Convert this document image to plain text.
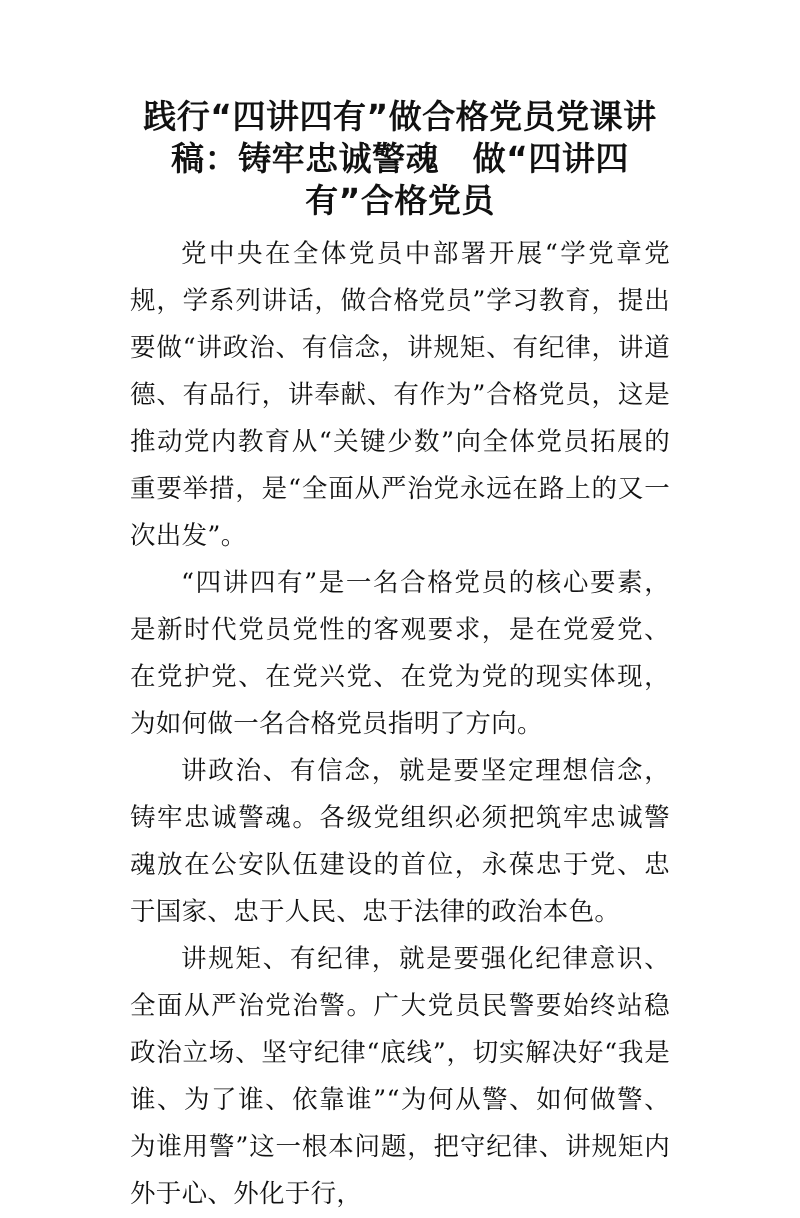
践行“四讲四有”做合格党员党课讲稿：铸牢忠诚警魂　做“四讲四有”合格党员

党中央在全体党员中部署开展“学党章党规，学系列讲话，做合格党员”学习教育，提出要做“讲政治、有信念，讲规矩、有纪律，讲道德、有品行，讲奉献、有作为”合格党员，这是推动党内教育从“关键少数”向全体党员拓展的重要举措，是“全面从严治党永远在路上的又一次出发”。

“四讲四有”是一名合格党员的核心要素，是新时代党员党性的客观要求，是在党爱党、在党护党、在党兴党、在党为党的现实体现，为如何做一名合格党员指明了方向。

讲政治、有信念，就是要坚定理想信念，铸牢忠诚警魂。各级党组织必须把筑牢忠诚警魂放在公安队伍建设的首位，永葆忠于党、忠于国家、忠于人民、忠于法律的政治本色。

讲规矩、有纪律，就是要强化纪律意识、全面从严治党治警。广大党员民警要始终站稳政治立场、坚守纪律“底线”，切实解决好“我是谁、为了谁、依靠谁”“为何从警、如何做警、为谁用警”这一根本问题，把守纪律、讲规矩内外于心、外化于行，
